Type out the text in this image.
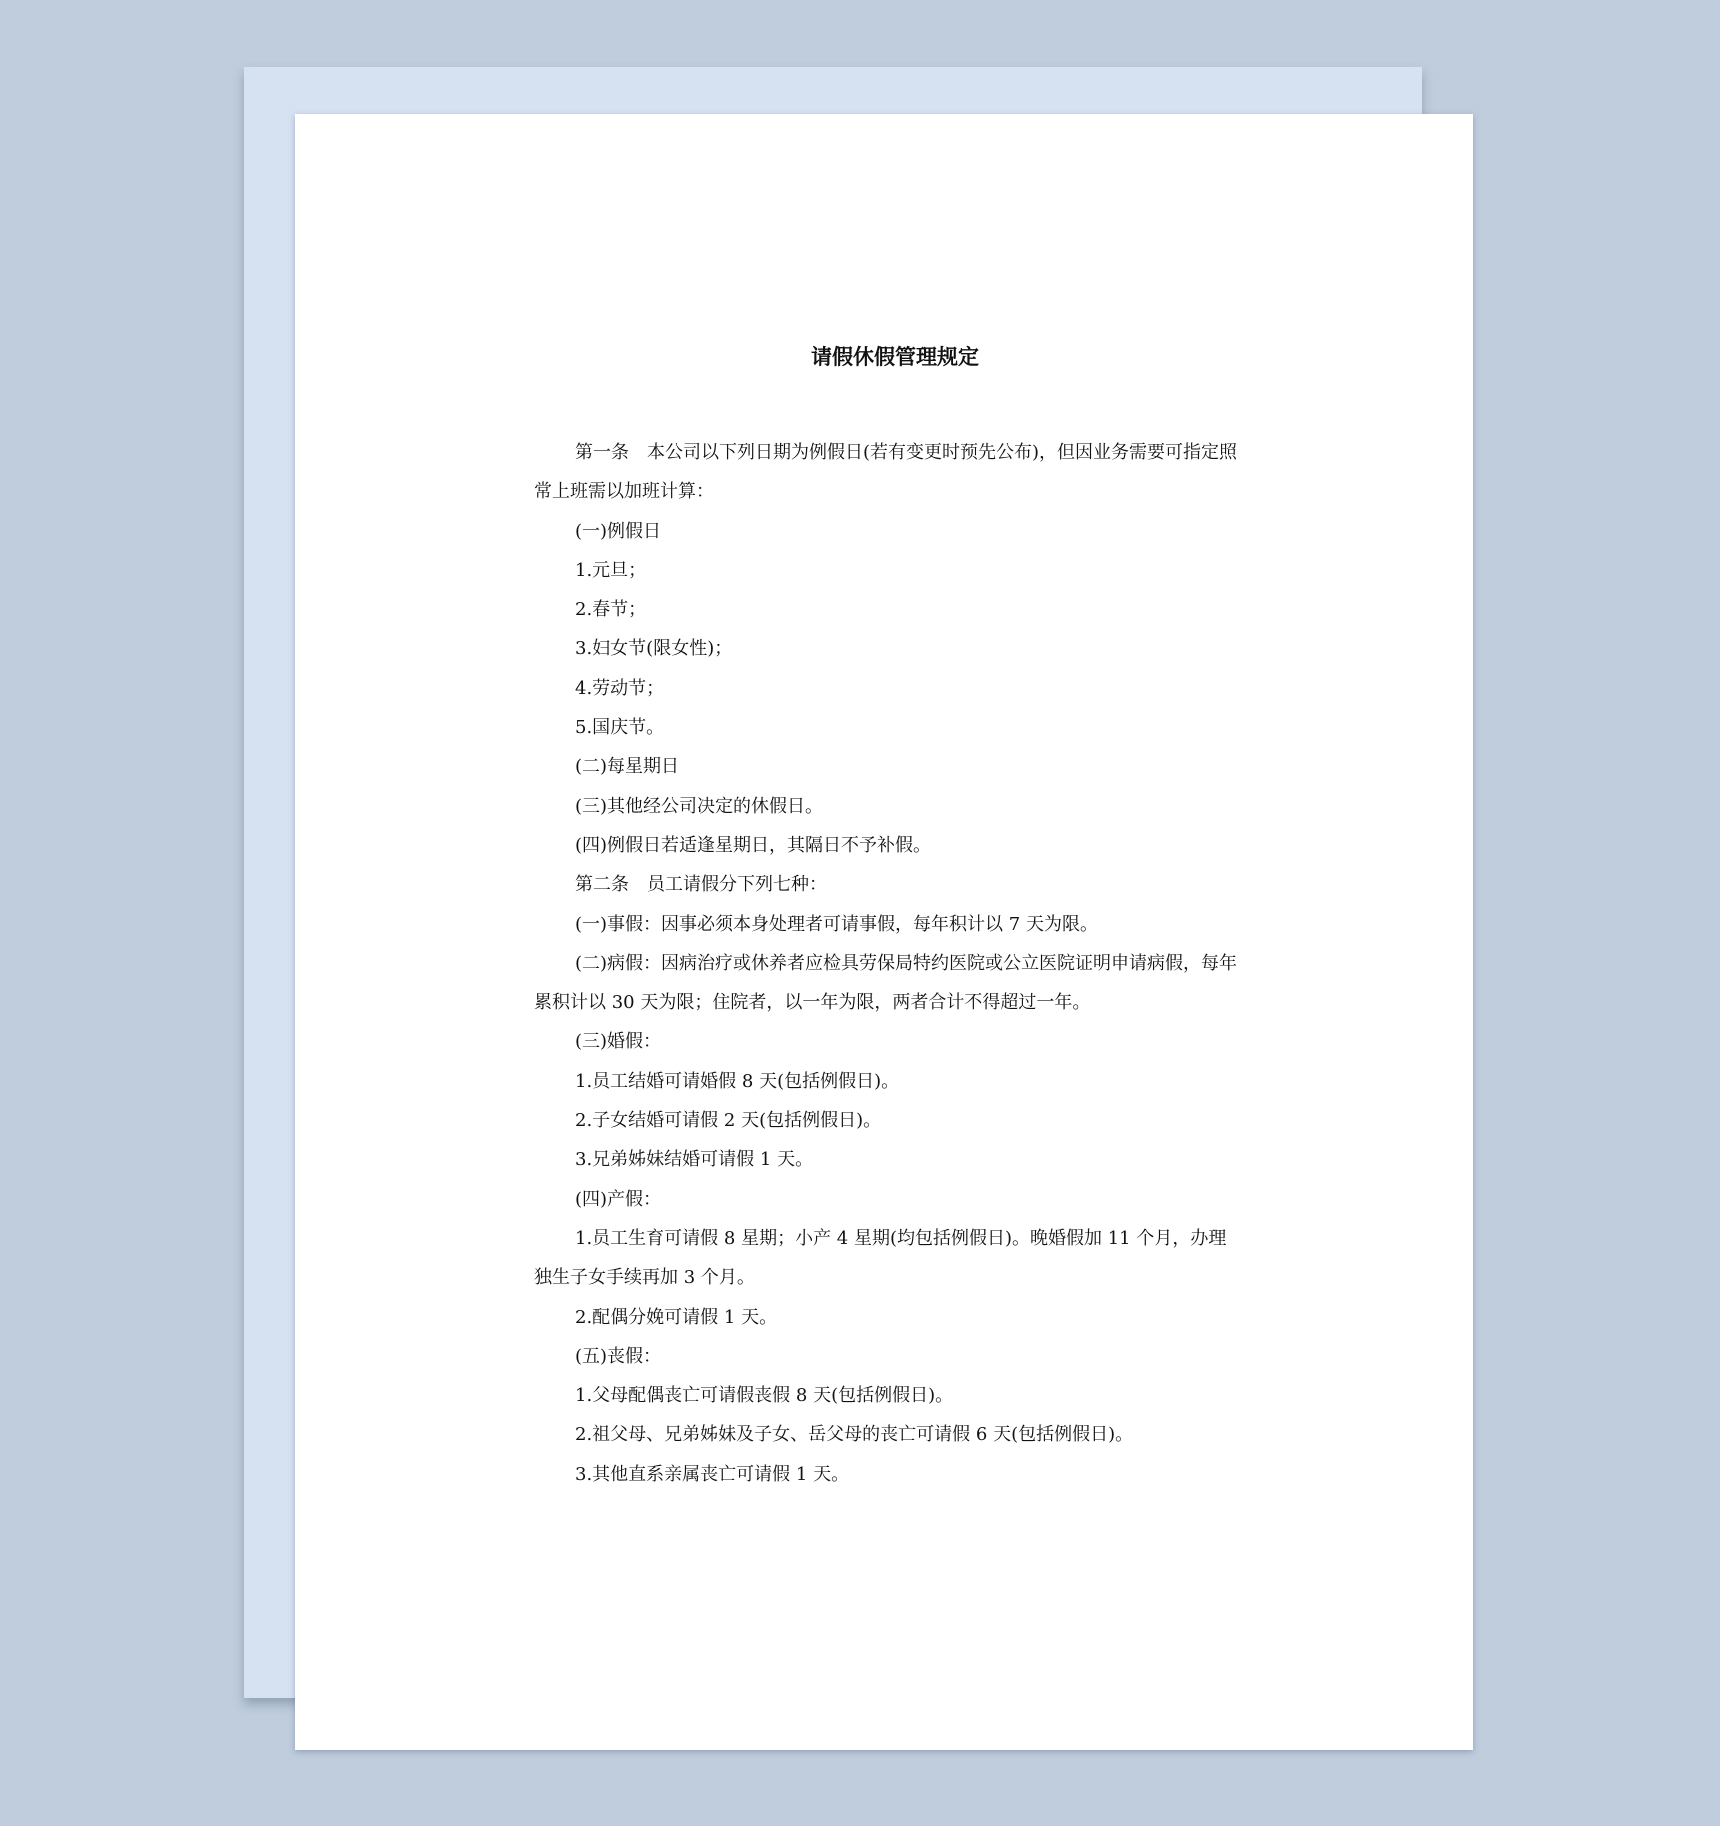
请假休假管理规定

第一条　本公司以下列日期为例假日(若有变更时预先公布)，但因业务需要可指定照常上班需以加班计算：

(一)例假日

1.元旦；

2.春节；

3.妇女节(限女性)；

4.劳动节；

5.国庆节。

(二)每星期日

(三)其他经公司决定的休假日。

(四)例假日若适逢星期日，其隔日不予补假。

第二条　员工请假分下列七种：

(一)事假：因事必须本身处理者可请事假，每年积计以 7 天为限。

(二)病假：因病治疗或休养者应检具劳保局特约医院或公立医院证明申请病假，每年累积计以 30 天为限；住院者，以一年为限，两者合计不得超过一年。

(三)婚假：

1.员工结婚可请婚假 8 天(包括例假日)。

2.子女结婚可请假 2 天(包括例假日)。

3.兄弟姊妹结婚可请假 1 天。

(四)产假：

1.员工生育可请假 8 星期；小产 4 星期(均包括例假日)。晚婚假加 11 个月，办理独生子女手续再加 3 个月。

2.配偶分娩可请假 1 天。

(五)丧假：

1.父母配偶丧亡可请假丧假 8 天(包括例假日)。

2.祖父母、兄弟姊妹及子女、岳父母的丧亡可请假 6 天(包括例假日)。

3.其他直系亲属丧亡可请假 1 天。
